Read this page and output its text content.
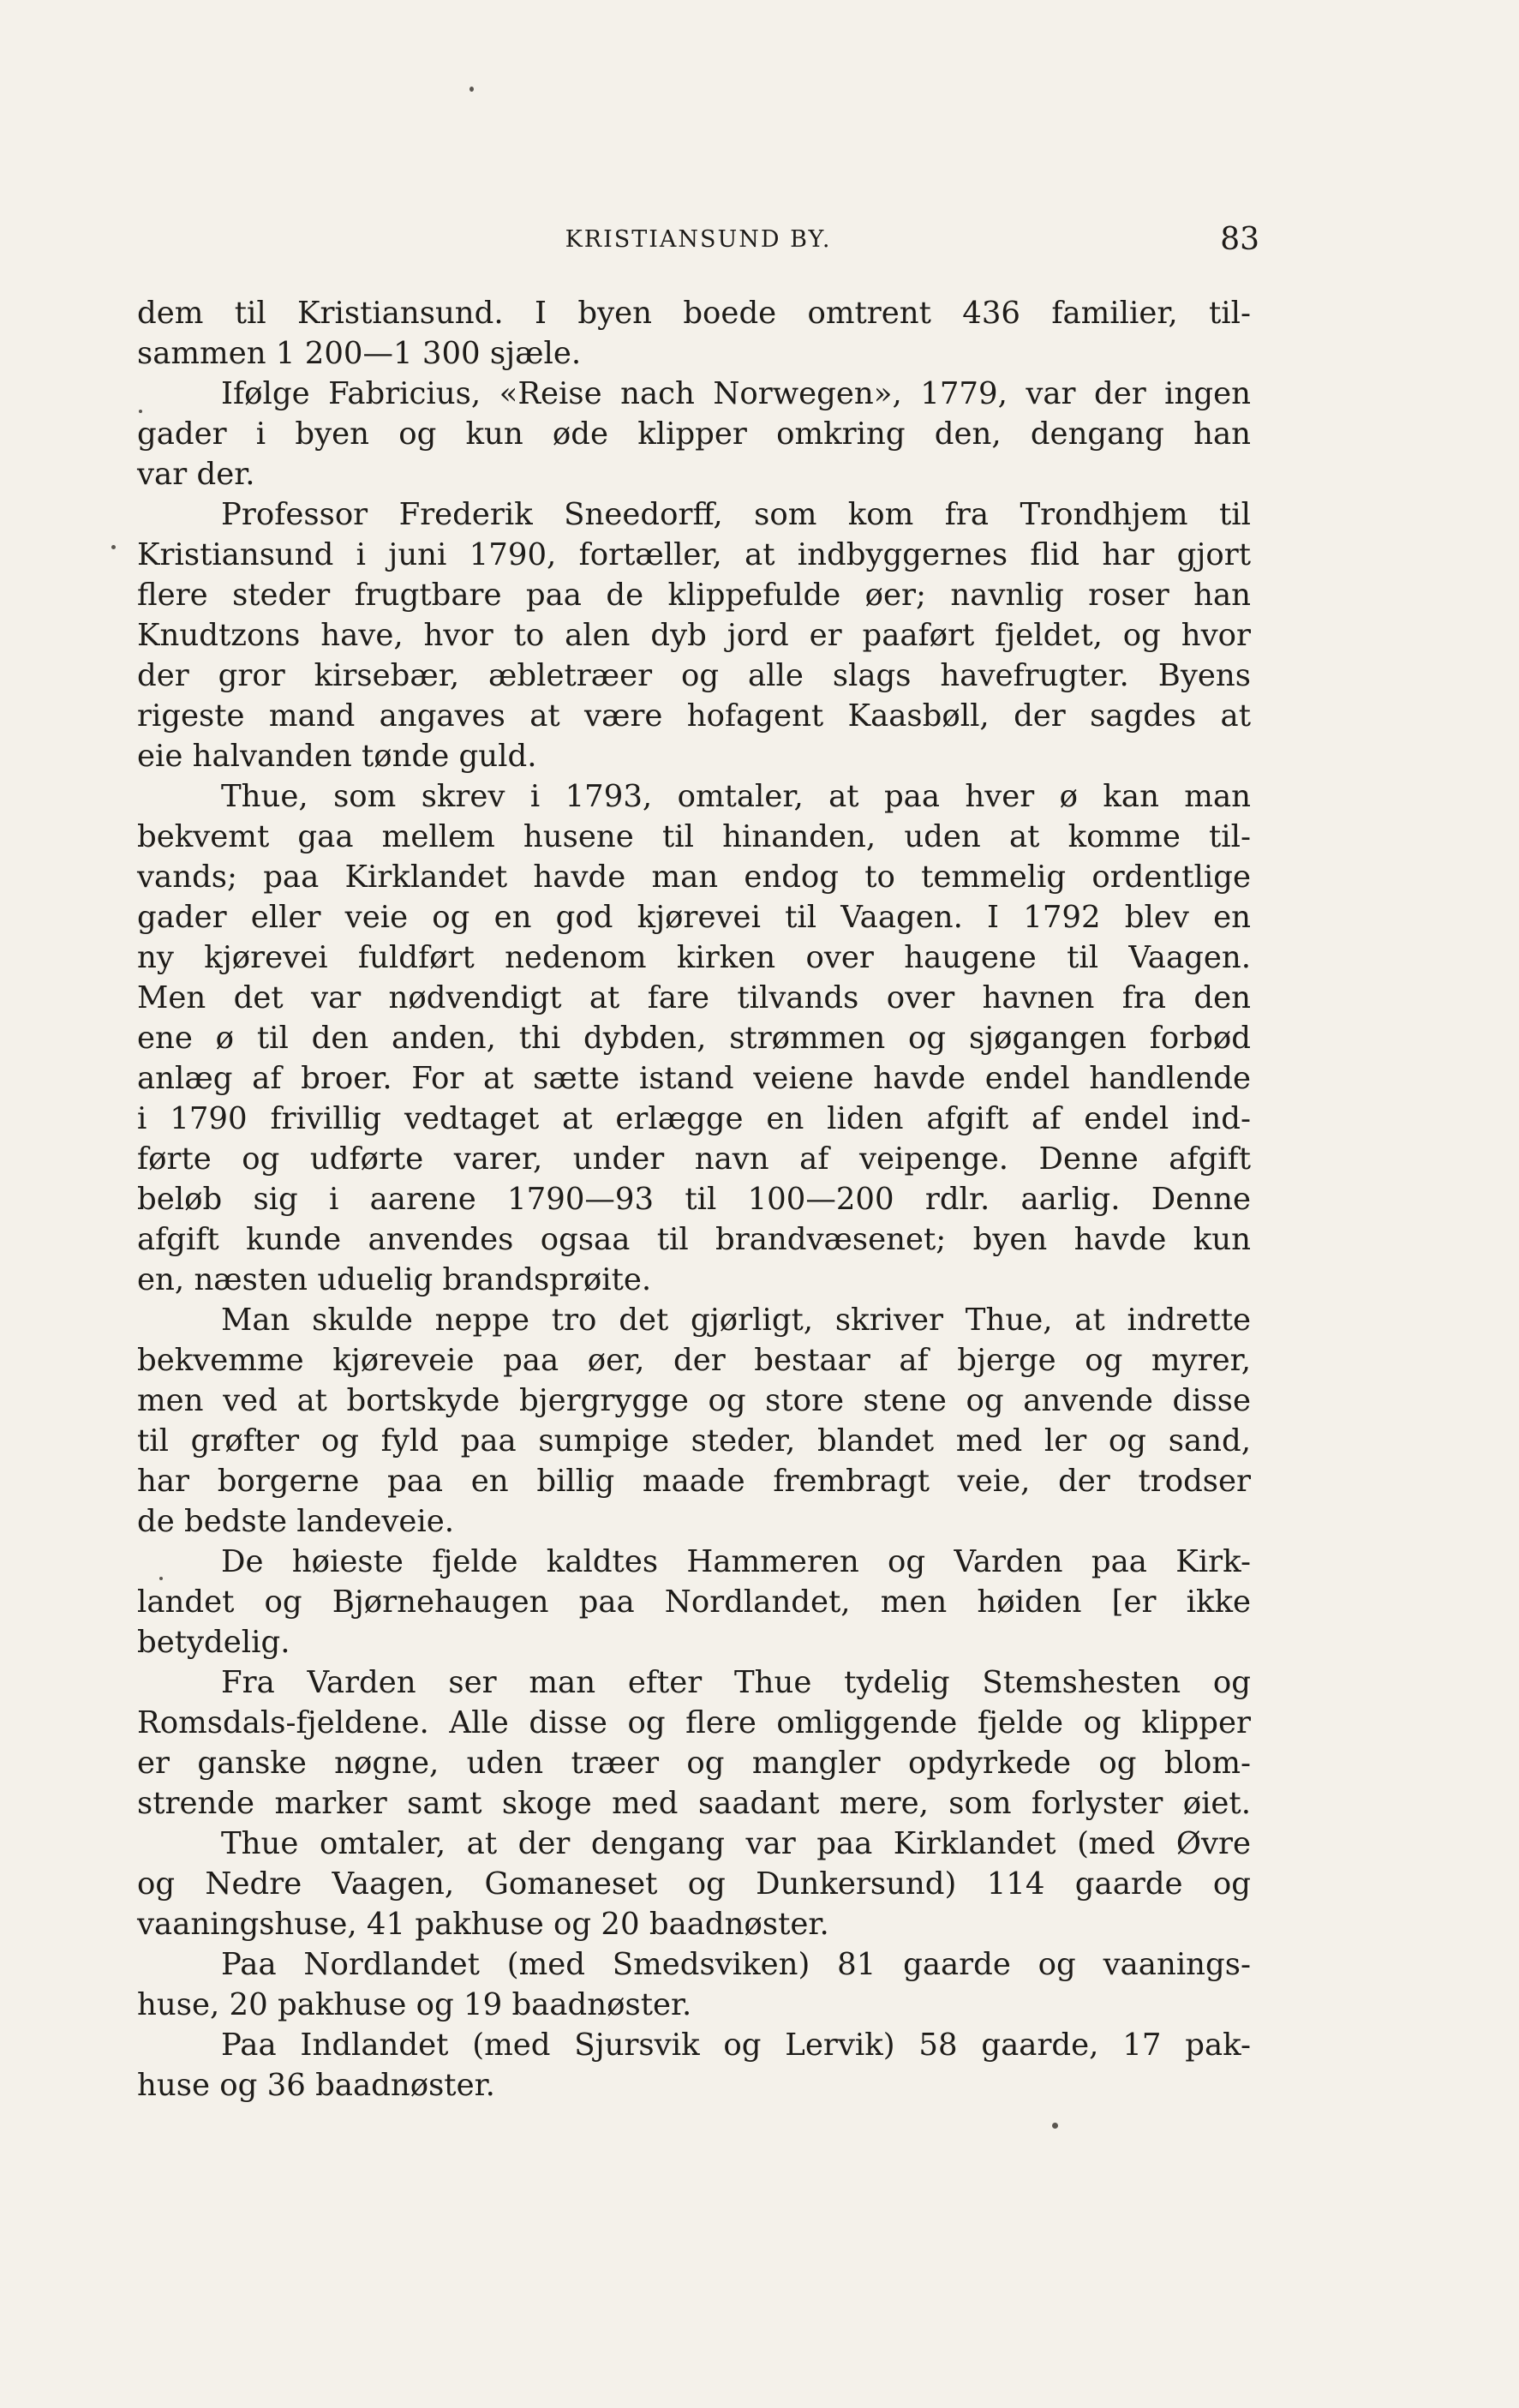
KRISTIANSUND BY.	83
dem til Kristiansund. I byen boede omtrent 436 familier, til-
sammen 1 200—1 300 sjæle.
Ifølge Fabricius, «Reise nach Norwegen», 1779, var der ingen
gader i byen og kun øde klipper omkring den, dengang han
var der.
Professor Frederik Sneedorff, som kom fra Trondhjem til
Kristiansund i juni 1790, fortæller, at indbyggernes flid har gjort
flere steder frugtbare paa de klippefulde øer; navnlig roser han
Knudtzons have, hvor to alen dyb jord er paaført fjeldet, og hvor
der gror kirsebær, æbletræer og alle slags havefrugter. Byens
rigeste mand angaves at være hofagent Kaasbøll, der sagdes at
eie halvanden tønde guld.
Thue, som skrev i 1793, omtaler, at paa hver ø kan man
bekvemt gaa mellem husene til hinanden, uden at komme til-
vands; paa Kirklandet havde man endog to temmelig ordentlige
gader eller veie og en god kjørevei til Vaagen. I 1792 blev en
ny kjørevei fuldført nedenom kirken over haugene til Vaagen.
Men det var nødvendigt at fare tilvands over havnen fra den
ene ø til den anden, thi dybden, strømmen og sjøgangen forbød
anlæg af broer. For at sætte istand veiene havde endel handlende
i 1790 frivillig vedtaget at erlægge en liden afgift af endel ind-
førte og udførte varer, under navn af veipenge. Denne afgift
beløb sig i aarene 1790—93 til 100—200 rdlr. aarlig. Denne
afgift kunde anvendes ogsaa til brandvæsenet; byen havde kun
en, næsten uduelig brandsprøite.
Man skulde neppe tro det gjørligt, skriver Thue, at indrette
bekvemme kjøreveie paa øer, der bestaar af bjerge og myrer,
men ved at bortskyde bjergrygge og store stene og anvende disse
til grøfter og fyld paa sumpige steder, blandet med ler og sand,
har borgerne paa en billig maade frembragt veie, der trodser
de bedste landeveie.
De høieste fjelde kaldtes Hammeren og Varden paa Kirk-
landet og Bjørnehaugen paa Nordlandet, men høiden [er ikke
betydelig.
Fra Varden ser man efter Thue tydelig Stemshesten og
Romsdals-fjeldene. Alle disse og flere omliggende fjelde og klipper
er ganske nøgne, uden træer og mangler opdyrkede og blom-
strende marker samt skoge med saadant mere, som forlyster øiet.
Thue omtaler, at der dengang var paa Kirklandet (med Øvre
og Nedre Vaagen, Gomaneset og Dunkersund) 114 gaarde og
vaaningshuse, 41 pakhuse og 20 baadnøster.
Paa Nordlandet (med Smedsviken) 81 gaarde og vaanings-
huse, 20 pakhuse og 19 baadnøster.
Paa Indlandet (med Sjursvik og Lervik) 58 gaarde, 17 pak-
huse og 36 baadnøster.
